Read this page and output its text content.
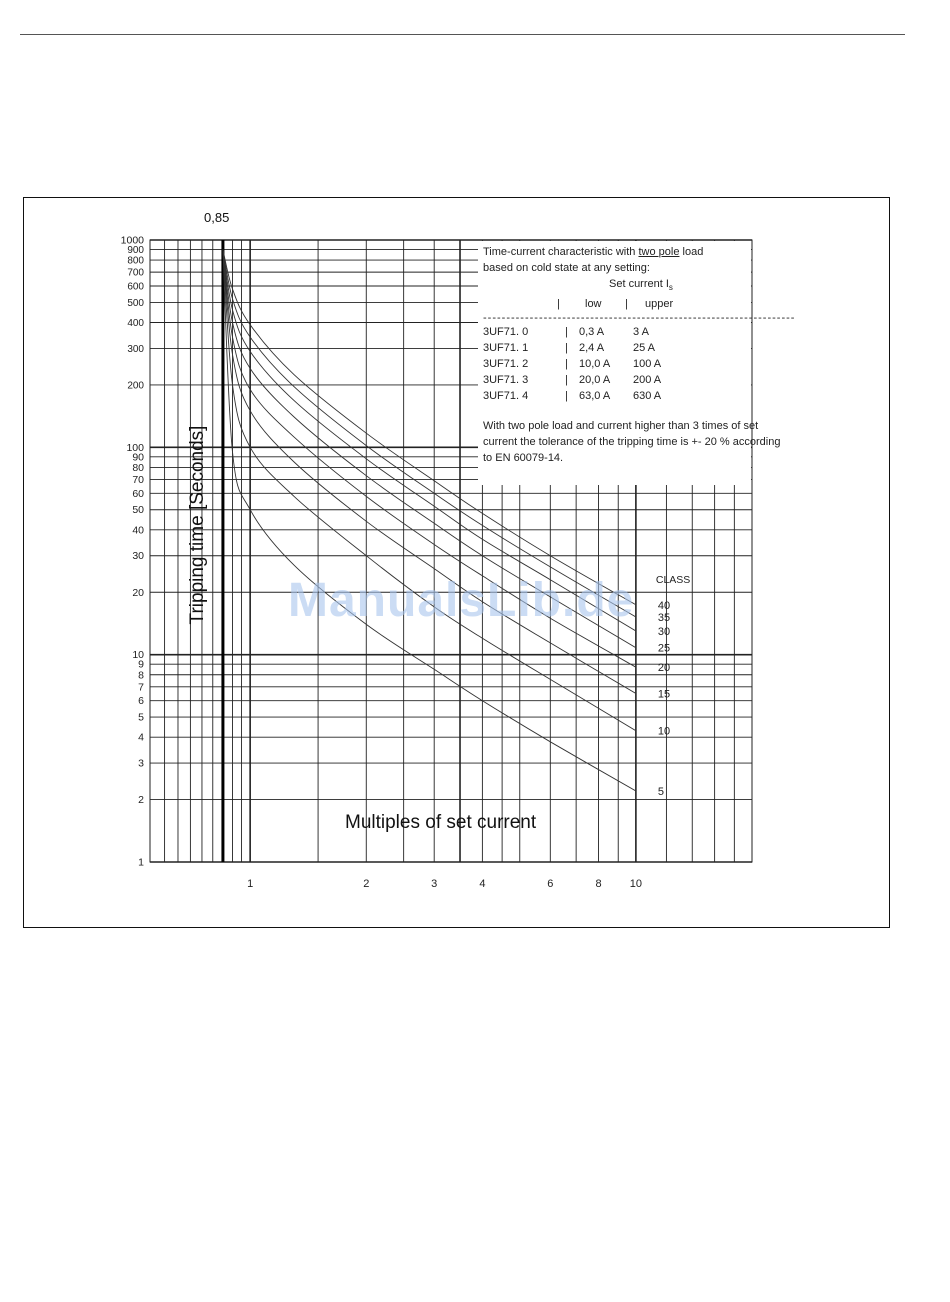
1
2
3
4
5
6
7
8
9
10
20
30
40
50
60
70
80
90
100
200
300
400
500
600
700
800
900
1000
1	2	3	4	6	8	10
5
10
15
20
25
30
35
40
CLASS
0,85
Tripping time [Seconds]
Multiples of set current
Time-current characteristic with two pole load
based on cold state at any setting:
Set current $I_s$
| low | upper
-------------------------------------------------------------------
3UF71. 0	| 0,3 A	3 A
3UF71. 1	| 2,4 A	25 A
3UF71. 2	| 10,0 A 100 A
3UF71. 3	| 20,0 A 200 A
3UF71. 4	| 63,0 A 630 A
With two pole load and current higher than 3 times of set current the tolerance of the tripping time is +- 20 % according to EN 60079-14.
ManualsLib.de
